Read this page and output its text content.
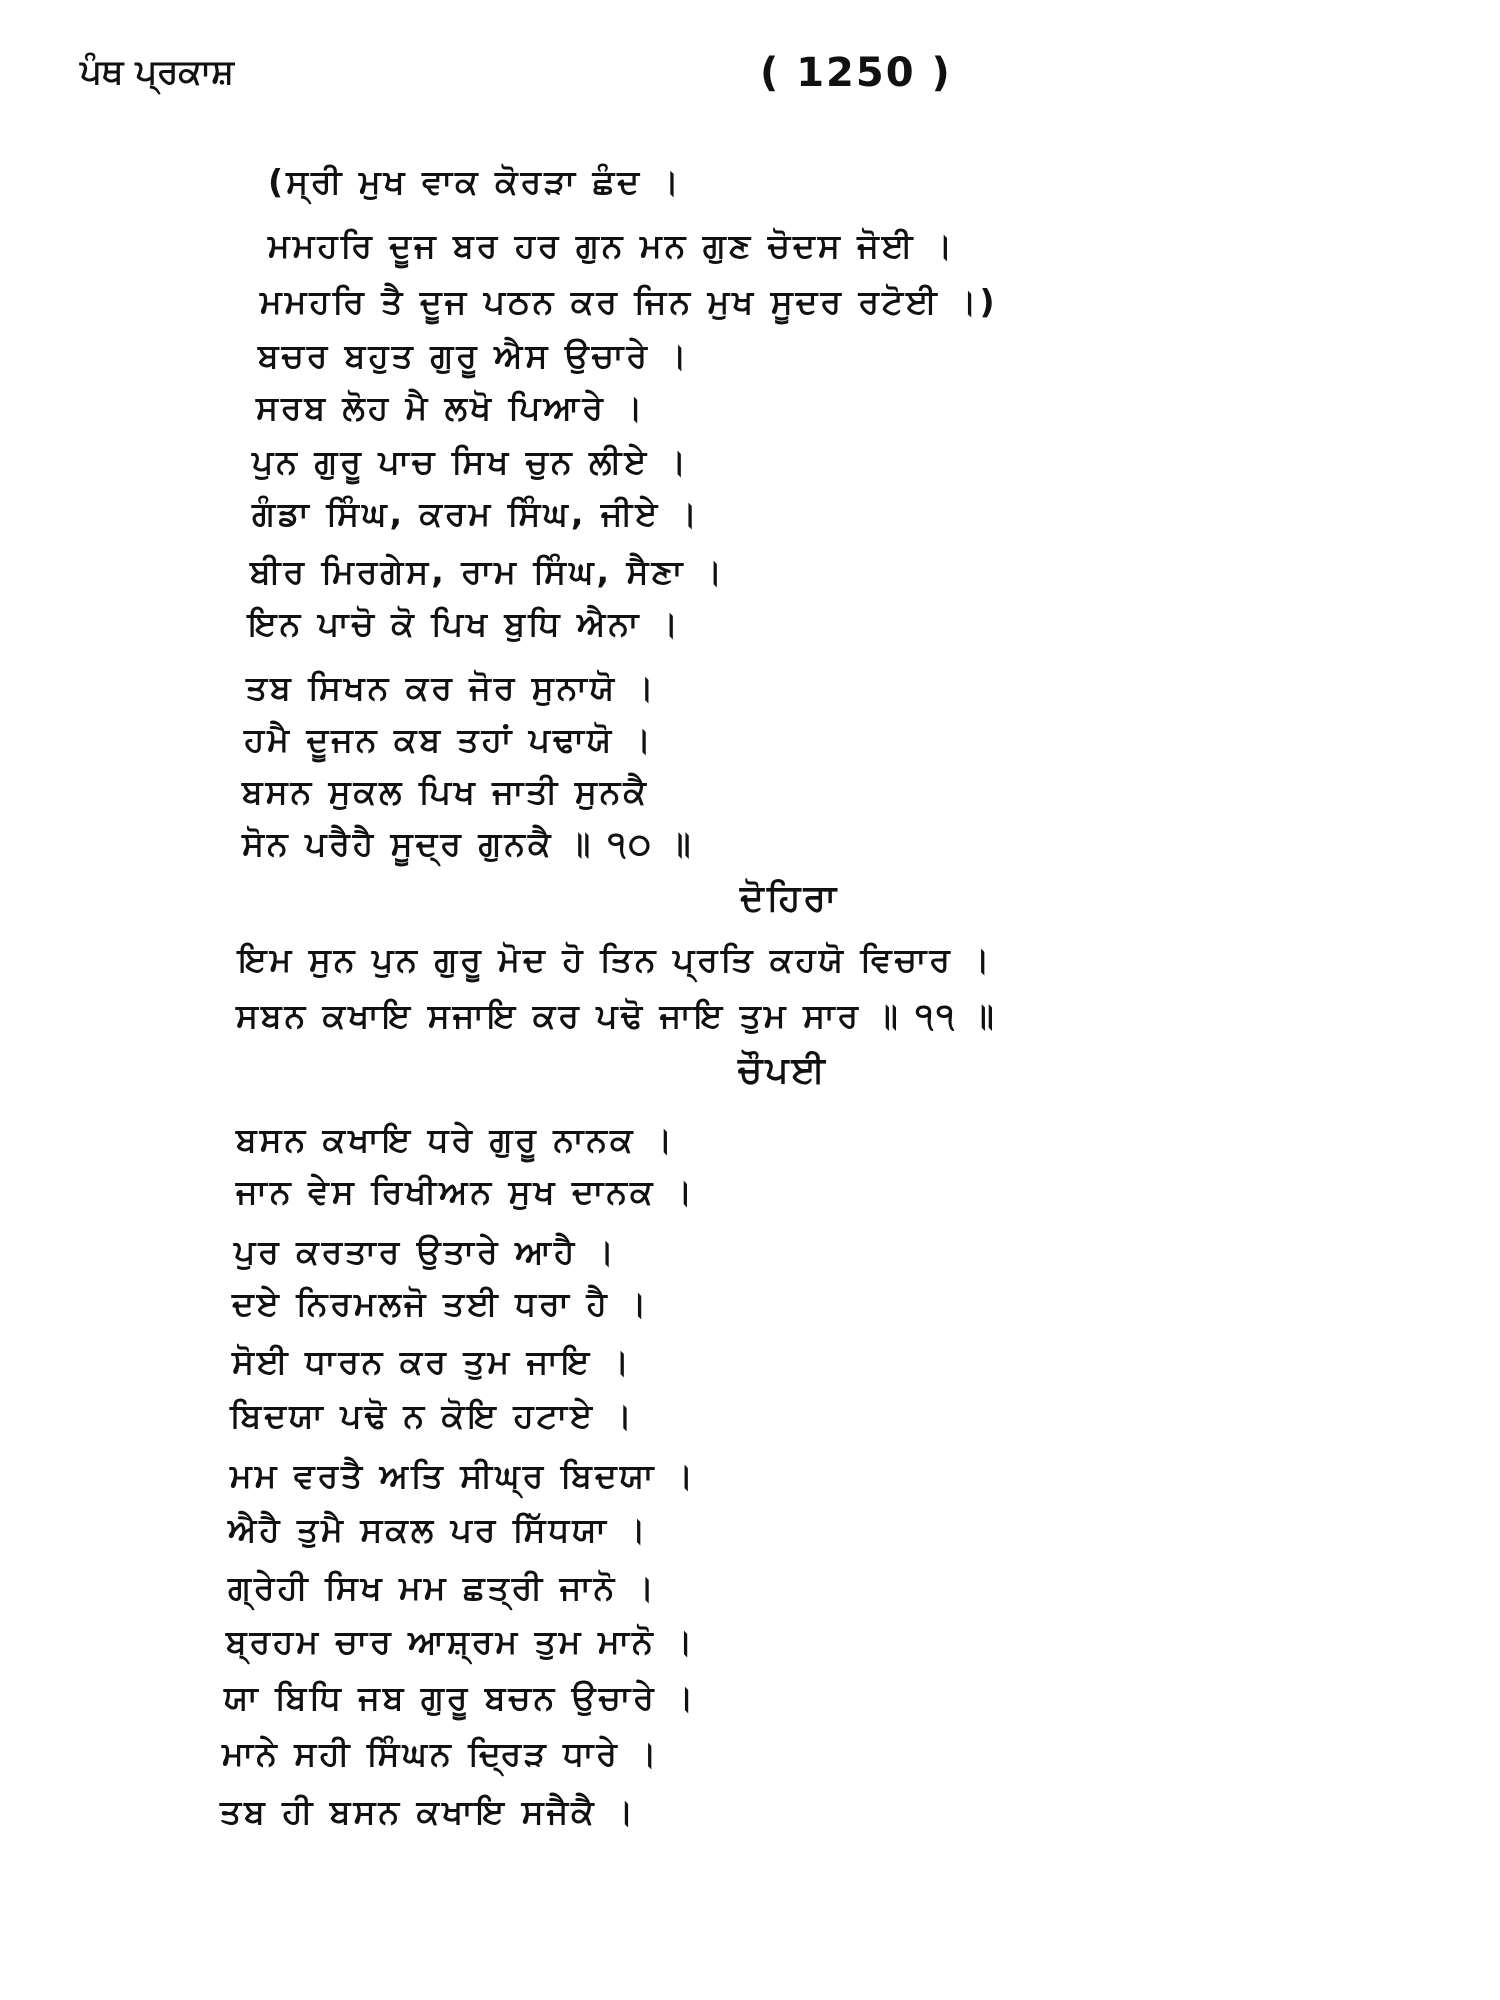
ਪੰਥ ਪ੍ਰਕਾਸ਼	( 1250 )
(ਸ੍ਰੀ ਮੁਖ ਵਾਕ ਕੋਰੜਾ ਛੰਦ ।
ਮਮਹਰਿ ਦੂਜ ਬਰ ਹਰ ਗੁਨ ਮਨ ਗੁਣ ਚੋਦਸ ਜੋਈ ।
ਮਮਹਰਿ ਤੈ ਦੂਜ ਪਠਨ ਕਰ ਜਿਨ ਮੁਖ ਸੂਦਰ ਰਟੋਈ ।)
ਬਚਰ ਬਹੁਤ ਗੁਰੂ ਐਸ ਉਚਾਰੇ ।
ਸਰਬ ਲੋਹ ਮੈ ਲਖੋ ਪਿਆਰੇ ।
ਪੁਨ ਗੁਰੂ ਪਾਚ ਸਿਖ ਚੁਨ ਲੀਏ ।
ਗੰਡਾ ਸਿੰਘ, ਕਰਮ ਸਿੰਘ, ਜੀਏ ।
ਬੀਰ ਮਿਰਗੇਸ, ਰਾਮ ਸਿੰਘ, ਸੈਣਾ ।
ਇਨ ਪਾਚੋ ਕੋ ਪਿਖ ਬੁਧਿ ਐਨਾ ।
ਤਬ ਸਿਖਨ ਕਰ ਜੋਰ ਸੁਨਾਯੋ ।
ਹਮੈ ਦੂਜਨ ਕਬ ਤਹਾਂ ਪਢਾਯੋ ।
ਬਸਨ ਸੁਕਲ ਪਿਖ ਜਾਤੀ ਸੁਨਕੈ
ਸੋਨ ਪਰੈਹੈ ਸੂਦ੍ਰ ਗੁਨਕੈ ॥ ੧੦ ॥
ਦੋਹਿਰਾ
ਇਮ ਸੁਨ ਪੁਨ ਗੁਰੂ ਮੋਦ ਹੋ ਤਿਨ ਪ੍ਰਤਿ ਕਹਯੋ ਵਿਚਾਰ ।
ਸਬਨ ਕਖਾਇ ਸਜਾਇ ਕਰ ਪਢੋ ਜਾਇ ਤੁਮ ਸਾਰ ॥ ੧੧ ॥
ਚੌਪਈ
ਬਸਨ ਕਖਾਇ ਧਰੇ ਗੁਰੂ ਨਾਨਕ ।
ਜਾਨ ਵੇਸ ਰਿਖੀਅਨ ਸੁਖ ਦਾਨਕ ।
ਪੁਰ ਕਰਤਾਰ ਉਤਾਰੇ ਆਹੈ ।
ਦਏ ਨਿਰਮਲਜੋ ਤਈ ਧਰਾ ਹੈ ।
ਸੋਈ ਧਾਰਨ ਕਰ ਤੁਮ ਜਾਇ ।
ਬਿਦਯਾ ਪਢੋ ਨ ਕੋਇ ਹਟਾਏ ।
ਮਮ ਵਰਤੈ ਅਤਿ ਸੀਘ੍ਰ ਬਿਦਯਾ ।
ਐਹੈ ਤੁਮੈ ਸਕਲ ਪਰ ਸਿੱਧਯਾ ।
ਗ੍ਰੇਹੀ ਸਿਖ ਮਮ ਛਤ੍ਰੀ ਜਾਨੋ ।
ਬ੍ਰਹਮ ਚਾਰ ਆਸ਼੍ਰਮ ਤੁਮ ਮਾਨੋ ।
ਯਾ ਬਿਧਿ ਜਬ ਗੁਰੂ ਬਚਨ ਉਚਾਰੇ ।
ਮਾਨੇ ਸਹੀ ਸਿੰਘਨ ਦ੍ਰਿੜ ਧਾਰੇ ।
ਤਬ ਹੀ ਬਸਨ ਕਖਾਇ ਸਜੈਕੈ ।
